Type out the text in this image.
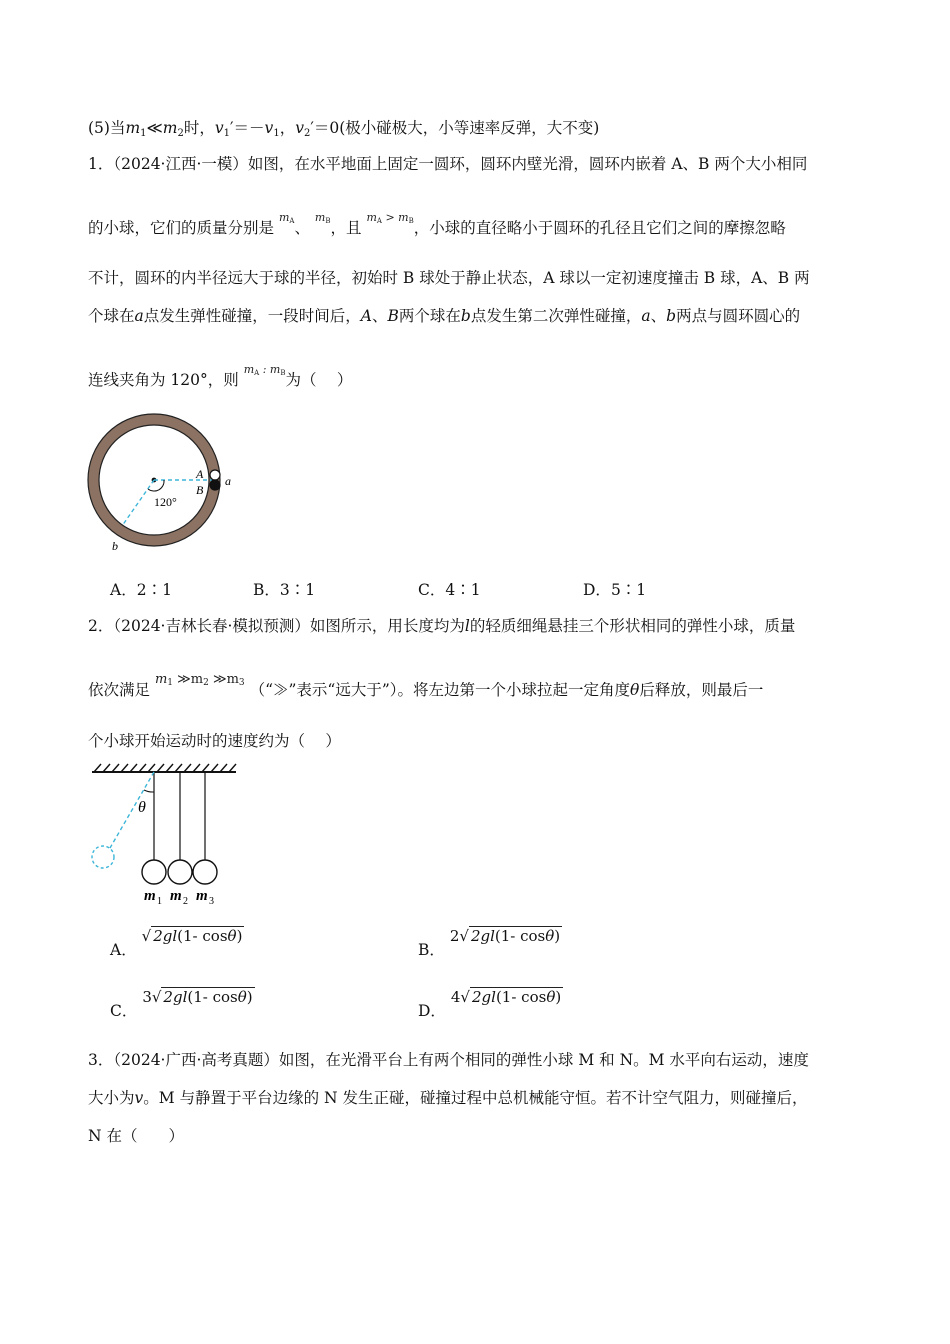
(5)当$m_1≪m_2$时，$v_1'=-v_1$，$v_2'=0$(极小碰极大，小等速率反弹，大不变)
1．（2024·江西·一模）如图，在水平地面上固定一圆环，圆环内壁光滑，圆环内嵌着 A、B 两个大小相同
的小球，它们的质量分别是 $^{mA}$、 $^{mB}$，且 $^{mA > mB}$，小球的直径略小于圆环的孔径且它们之间的摩擦忽略
不计，圆环的内半径远大于球的半径，初始时 B 球处于静止状态，A 球以一定初速度撞击 B 球，A、B 两
个球在a点发生弹性碰撞，一段时间后，A、B两个球在b点发生第二次弹性碰撞，a、b两点与圆环圆心的
连线夹角为 120°，则 $^{mA : mB}$为（　 ）
A
B
a
b
120°
A．2∶1	B．3∶1	C．4∶1	D．5∶1
2．（2024·吉林长春·模拟预测）如图所示，用长度均为l的轻质细绳悬挂三个形状相同的弹性小球，质量
依次满足 $^{m1 ≫m2 ≫m3}$ （“≫”表示“远大于”）。将左边第一个小球拉起一定角度θ后释放，则最后一
个小球开始运动时的速度约为（　 ）
θ
m 1 m 2 m 3
A． √ 2gl(1- cosθ)
B． 2√ 2gl(1- cosθ)
C． 3√ 2gl(1- cosθ)
D． 4√ 2gl(1- cosθ)
3．（2024·广西·高考真题）如图，在光滑平台上有两个相同的弹性小球 M 和 N。M 水平向右运动，速度
大小为v。M 与静置于平台边缘的 N 发生正碰，碰撞过程中总机械能守恒。若不计空气阻力，则碰撞后，
N 在（　　）
